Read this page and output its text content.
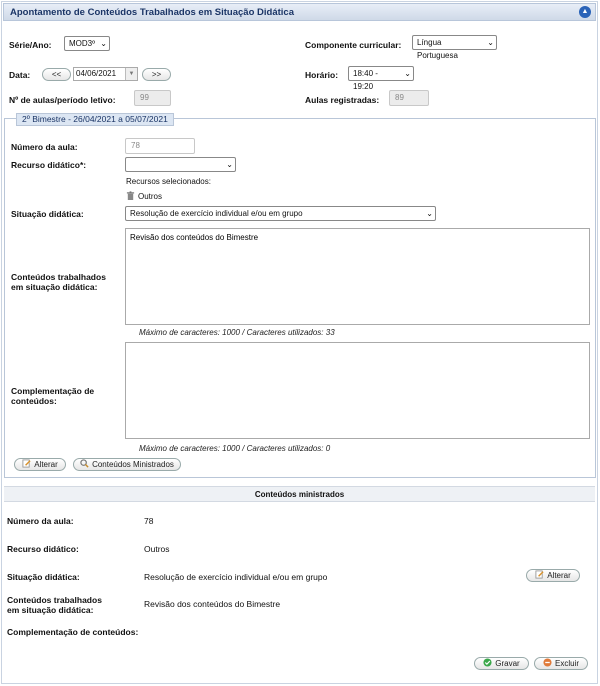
Apontamento de Conteúdos Trabalhados em Situação Didática	▲
Série/Ano:	MOD3º ⌄	Componente curricular:	Língua Portuguesa
⌄
Data:	<<	04/06/2021	▼	>>	Horário:	18:40 - 19:20
⌄
Nº de aulas/período letivo:	99	Aulas registradas:	89
2º Bimestre - 26/04/2021 a 05/07/2021
Número da aula:	78
Recurso didático*:	⌄
Recursos selecionados:
Outros
Situação didática:	Resolução de exercício individual e/ou em grupo	⌄
Conteúdos trabalhados
em situação didática:
Revisão dos conteúdos do Bimestre
Máximo de caracteres: 1000 / Caracteres utilizados: 33
Complementação de
conteúdos:
Máximo de caracteres: 1000 / Caracteres utilizados: 0
Alterar	Conteúdos Ministrados
Conteúdos ministrados
Número da aula:	78
Recurso didático:	Outros
Situação didática:	Resolução de exercício individual e/ou em grupo	Alterar
Conteúdos trabalhados
em situação didática:
Revisão dos conteúdos do Bimestre
Complementação de conteúdos:
Gravar	Excluir
